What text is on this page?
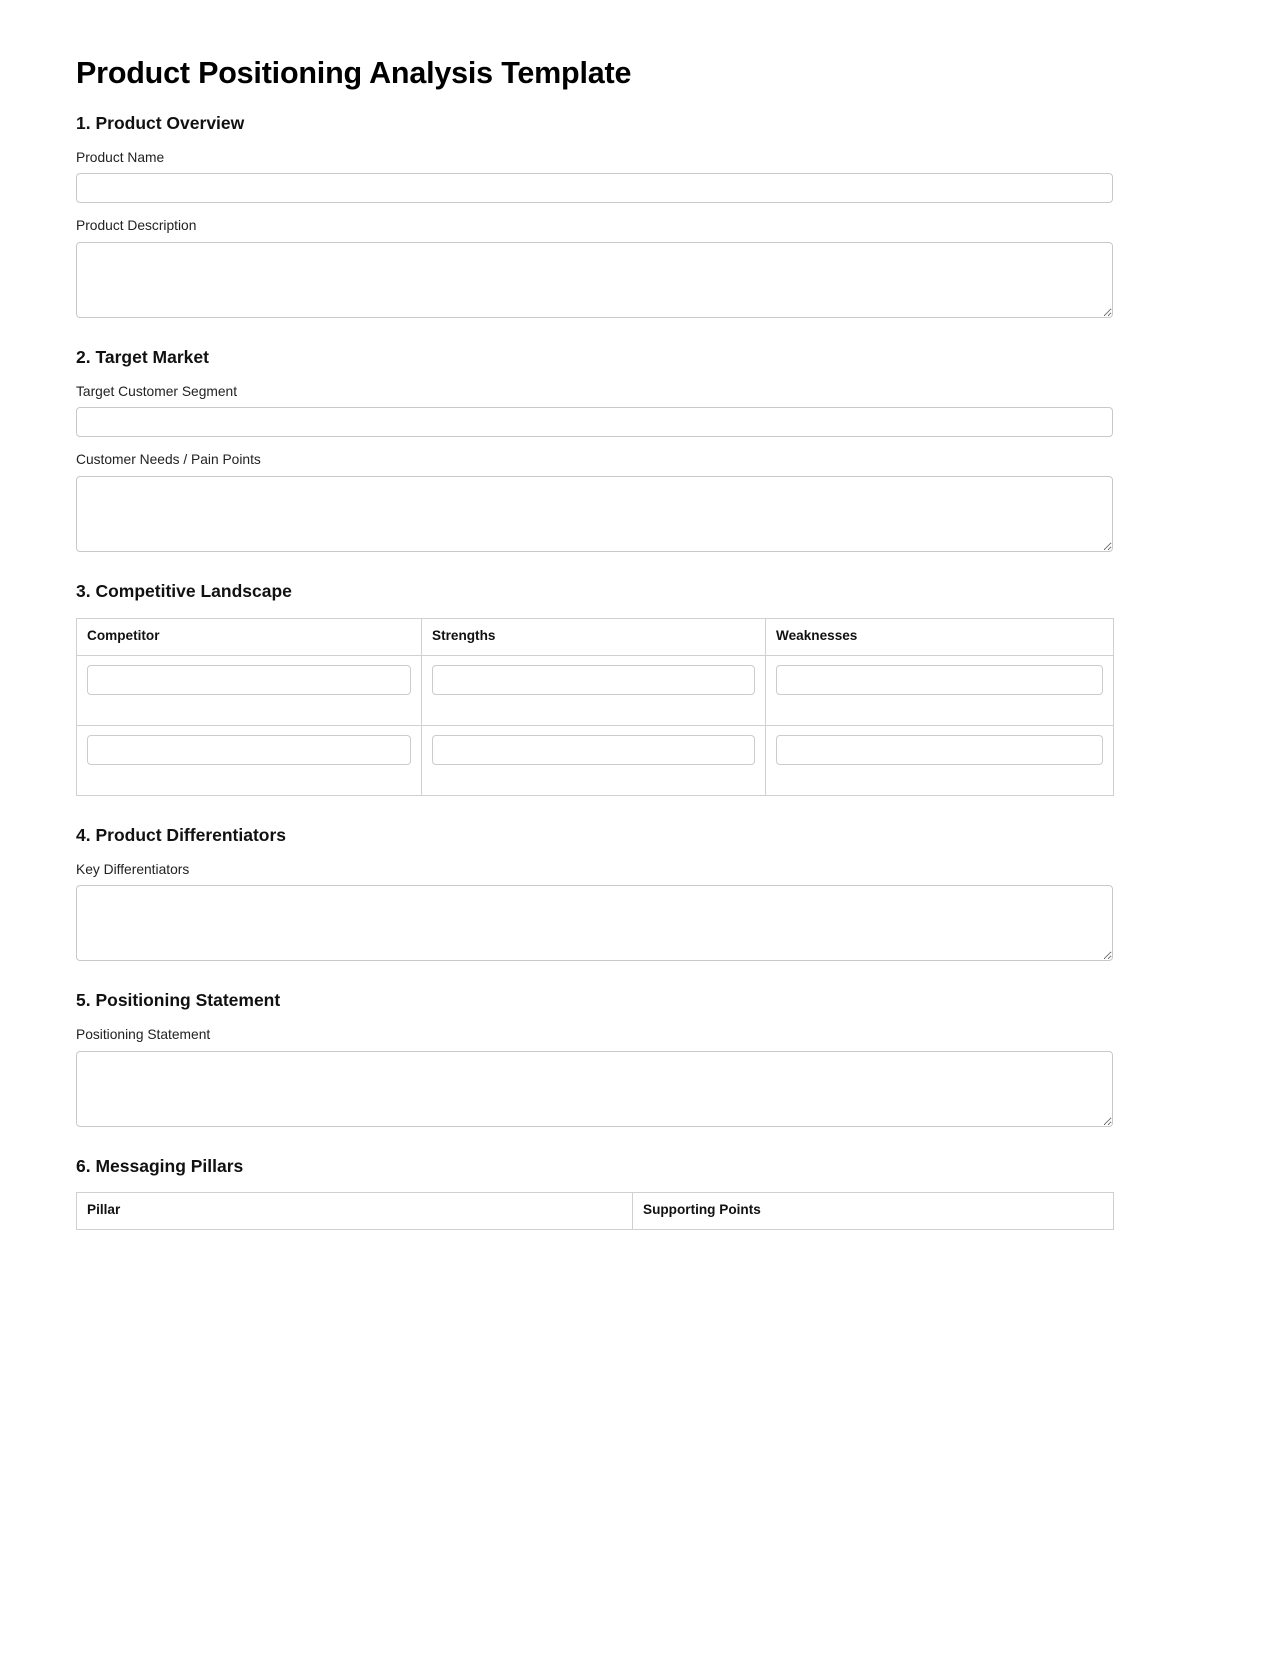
Product Positioning Analysis Template
1. Product Overview
Product Name
Product Description
2. Target Market
Target Customer Segment
Customer Needs / Pain Points
3. Competitive Landscape
Competitor	Strengths	Weaknesses

4. Product Differentiators
Key Differentiators
5. Positioning Statement
Positioning Statement
6. Messaging Pillars
Pillar	Supporting Points
